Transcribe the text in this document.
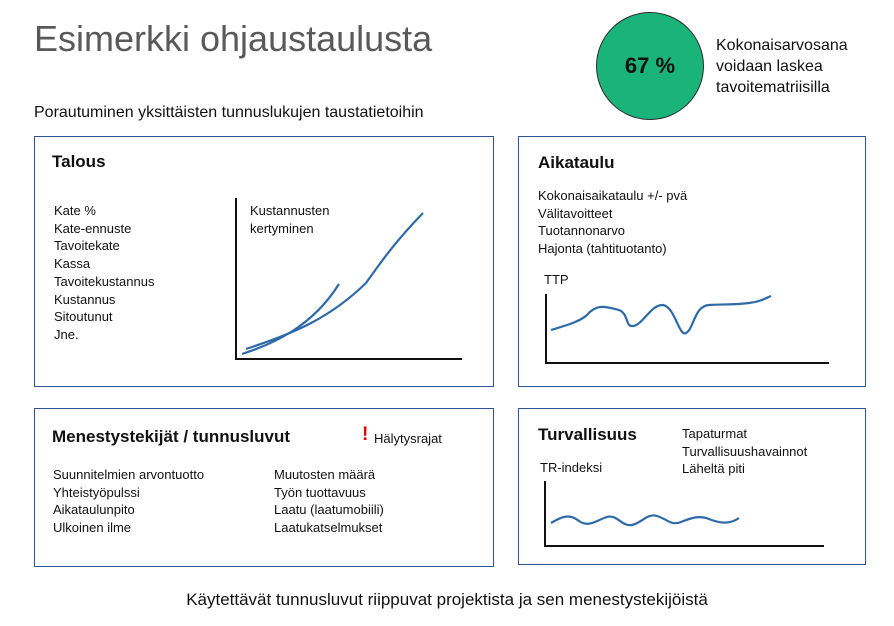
Esimerkki ohjaustaulusta
Porautuminen yksittäisten tunnuslukujen taustatietoihin
67 %
Kokonaisarvosana
voidaan laskea
tavoitematriisilla
Talous
Kate %
Kate-ennuste
Tavoitekate
Kassa
Tavoitekustannus
Kustannus
Sitoutunut
Jne.
Kustannusten
kertyminen
Aikataulu
Kokonaisaikataulu +/- pvä
Välitavoitteet
Tuotannonarvo
Hajonta (tahtituotanto)
TTP
Menestystekijät / tunnusluvut	! Hälytysrajat
Suunnitelmien arvontuotto
Yhteistyöpulssi
Aikataulunpito
Ulkoinen ilme
Muutosten määrä
Työn tuottavuus
Laatu (laatumobiili)
Laatukatselmukset
Turvallisuus	Tapaturmat
Turvallisuushavainnot
Läheltä piti
TR-indeksi
Käytettävät tunnusluvut riippuvat projektista ja sen menestystekijöistä
